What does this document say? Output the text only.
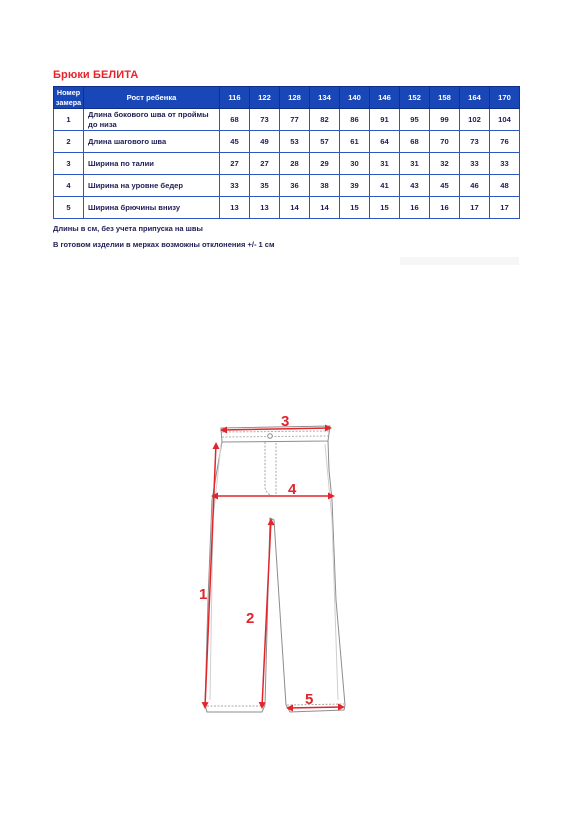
Брюки БЕЛИТА
Номер замера	Рост ребенка	116	122	128	134	140	146	152	158	164	170
1	Длина бокового шва от проймы до низа	68	73	77	82	86	91	95	99	102	104
2	Длина шагового шва	45	49	53	57	61	64	68	70	73	76
3	Ширина по талии	27	27	28	29	30	31	31	32	33	33
4	Ширина на уровне бедер	33	35	36	38	39	41	43	45	46	48
5	Ширина брючины внизу	13	13	14	14	15	15	16	16	17	17
Длины в см, без учета припуска на швы
В готовом изделии в мерках возможны отклонения +/- 1 см
1
2
3
4
5
